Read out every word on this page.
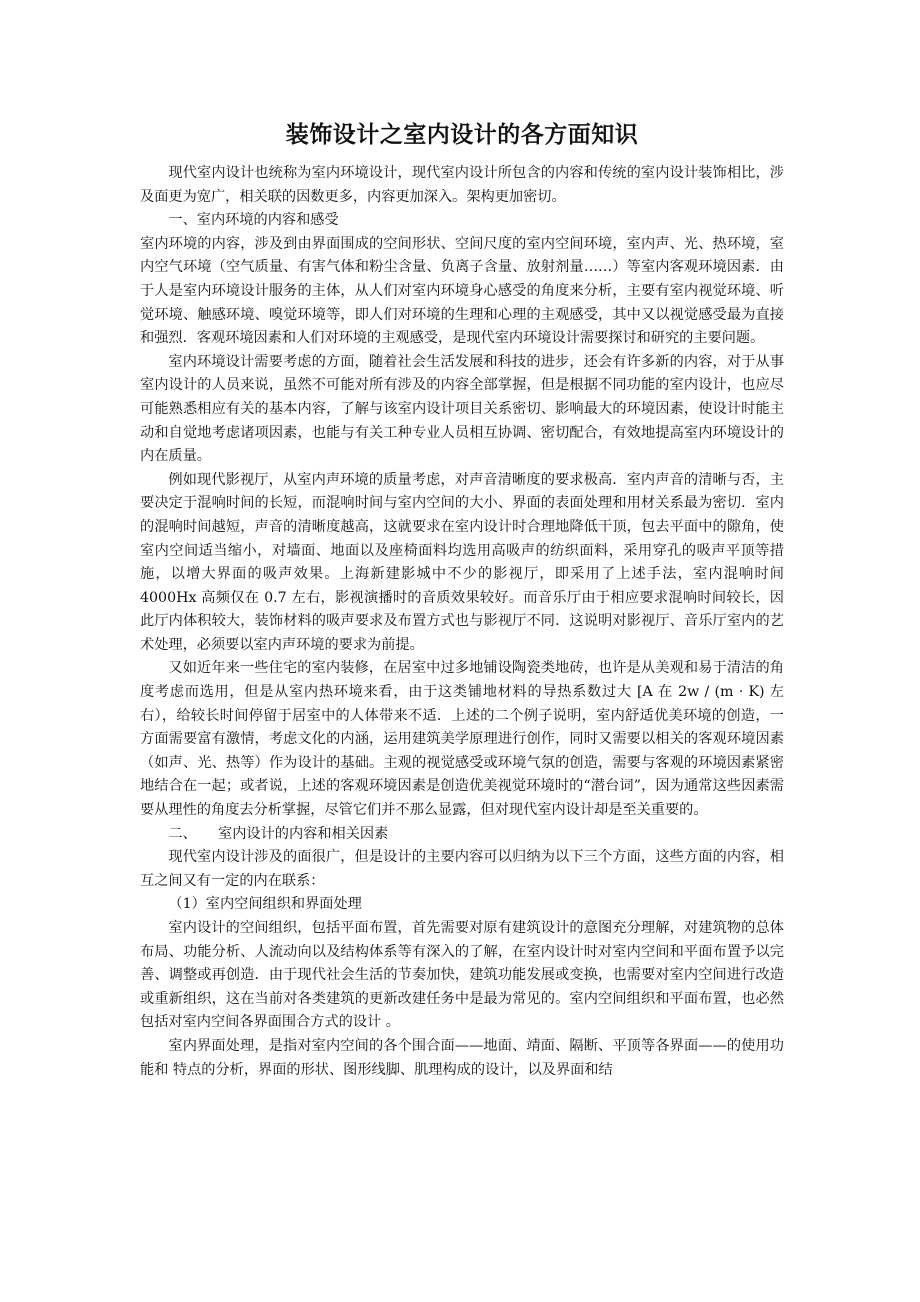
装饰设计之室内设计的各方面知识

现代室内设计也统称为室内环境设计，现代室内设计所包含的内容和传统的室内设计装饰相比，涉及面更为宽广，相关联的因数更多，内容更加深入。架构更加密切。

一、室内环境的内容和感受

室内环境的内容，涉及到由界面围成的空间形状、空间尺度的室内空间环境，室内声、光、热环境，室内空气环境（空气质量、有害气体和粉尘含量、负离子含量、放射剂量……）等室内客观环境因素．由于人是室内环境设计服务的主体，从人们对室内环境身心感受的角度来分析，主要有室内视觉环境、听觉环境、触感环境、嗅觉环境等，即人们对环境的生理和心理的主观感受，其中又以视觉感受最为直接和强烈．客观环境因素和人们对环境的主观感受，是现代室内环境设计需要探讨和研究的主要问题。

室内环境设计需要考虑的方面，随着社会生活发展和科技的进步，还会有许多新的内容，对于从事室内设计的人员来说，虽然不可能对所有涉及的内容全部掌握，但是根据不同功能的室内设计，也应尽可能熟悉相应有关的基本内容，了解与该室内设计项目关系密切、影响最大的环境因素，使设计时能主动和自觉地考虑诸项因素，也能与有关工种专业人员相互协调、密切配合，有效地提高室内环境设计的内在质量。

例如现代影视厅，从室内声环境的质量考虑，对声音清晰度的要求极高．室内声音的清晰与否，主要决定于混响时间的长短，而混响时间与室内空间的大小、界面的表面处理和用材关系最为密切．室内的混响时间越短，声音的清晰度越高，这就要求在室内设计时合理地降低干顶，包去平面中的隙角，使室内空间适当缩小，对墙面、地面以及座椅面料均选用高吸声的纺织面料，采用穿孔的吸声平顶等措施，以增大界面的吸声效果。上海新建影城中不少的影视厅，即采用了上述手法，室内混响时间 4000Hx 高频仅在 0.7 左右，影视演播时的音质效果较好。而音乐厅由于相应要求混响时间较长，因此厅内体积较大，装饰材料的吸声要求及布置方式也与影视厅不同．这说明对影视厅、音乐厅室内的艺术处理，必须要以室内声环境的要求为前提。

又如近年来一些住宅的室内装修，在居室中过多地铺设陶瓷类地砖，也许是从美观和易于清洁的角度考虑而选用，但是从室内热环境来看，由于这类铺地材料的导热系数过大 [A 在 2w / (m · K) 左右），给较长时间停留于居室中的人体带来不适．上述的二个例子说明，室内舒适优美环境的创造，一方面需要富有激情，考虑文化的内涵，运用建筑美学原理进行创作，同时又需要以相关的客观环境因素（如声、光、热等）作为设计的基础。主观的视觉感受或环境气氛的创造，需要与客观的环境因素紧密地结合在一起；或者说，上述的客观环境因素是创造优美视觉环境时的“潜台词”，因为通常这些因素需要从理性的角度去分析掌握，尽管它们并不那么显露，但对现代室内设计却是至关重要的。

二、　　室内设计的内容和相关因素

现代室内设计涉及的面很广，但是设计的主要内容可以归纳为以下三个方面，这些方面的内容，相互之间又有一定的内在联系：

（1）室内空间组织和界面处理

室内设计的空间组织，包括平面布置，首先需要对原有建筑设计的意图充分理解，对建筑物的总体布局、功能分析、人流动向以及结构体系等有深入的了解，在室内设计时对室内空间和平面布置予以完善、调整或再创造．由于现代社会生活的节奏加快，建筑功能发展或变换，也需要对室内空间进行改造或重新组织，这在当前对各类建筑的更新改建任务中是最为常见的。室内空间组织和平面布置，也必然包括对室内空间各界面围合方式的设计 。

室内界面处理，是指对室内空间的各个围合面——地面、靖面、隔断、平顶等各界面——的使用功能和 特点的分析，界面的形状、图形线脚、肌理构成的设计，以及界面和结
